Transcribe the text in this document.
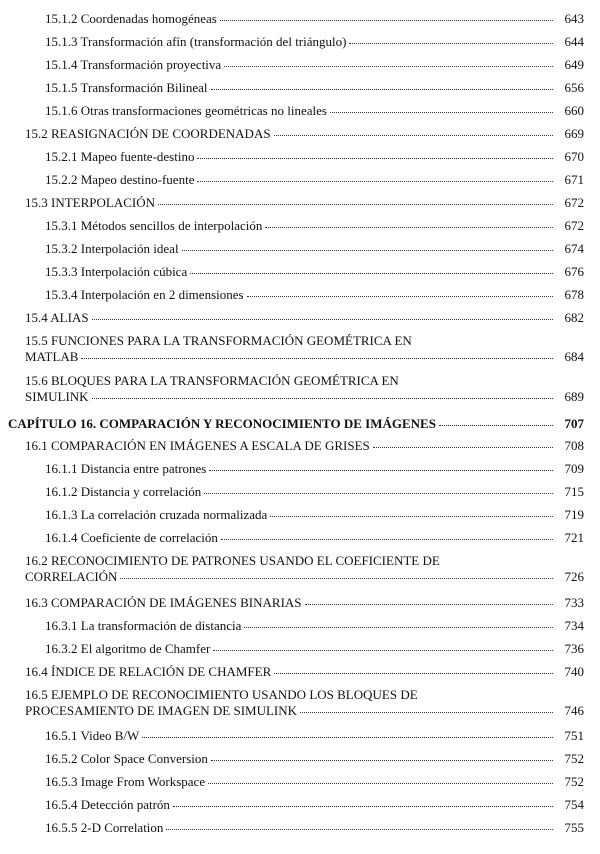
15.1.2 Coordenadas homogéneas	643
15.1.3 Transformación afín (transformación del triángulo)	644
15.1.4 Transformación proyectiva	649
15.1.5 Transformación Bilineal	656
15.1.6 Otras transformaciones geométricas no lineales	660
15.2 REASIGNACIÓN DE COORDENADAS	669
15.2.1 Mapeo fuente-destino	670
15.2.2 Mapeo destino-fuente	671
15.3 INTERPOLACIÓN	672
15.3.1 Métodos sencillos de interpolación	672
15.3.2 Interpolación ideal	674
15.3.3 Interpolación cúbica	676
15.3.4 Interpolación en 2 dimensiones	678
15.4 ALIAS	682
15.5 FUNCIONES PARA LA TRANSFORMACIÓN GEOMÉTRICA EN
MATLAB	684
15.6 BLOQUES PARA LA TRANSFORMACIÓN GEOMÉTRICA EN
SIMULINK	689
CAPÍTULO 16. COMPARACIÓN Y RECONOCIMIENTO DE IMÁGENES	707
16.1 COMPARACIÓN EN IMÁGENES A ESCALA DE GRISES	708
16.1.1 Distancia entre patrones	709
16.1.2 Distancia y correlación	715
16.1.3 La correlación cruzada normalizada	719
16.1.4 Coeficiente de correlación	721
16.2 RECONOCIMIENTO DE PATRONES USANDO EL COEFICIENTE DE
CORRELACIÓN	726
16.3 COMPARACIÓN DE IMÁGENES BINARIAS	733
16.3.1 La transformación de distancia	734
16.3.2 El algoritmo de Chamfer	736
16.4 ÍNDICE DE RELACIÓN DE CHAMFER	740
16.5 EJEMPLO DE RECONOCIMIENTO USANDO LOS BLOQUES DE
PROCESAMIENTO DE IMAGEN DE SIMULINK	746
16.5.1 Video B/W	751
16.5.2 Color Space Conversion	752
16.5.3 Image From Workspace	752
16.5.4 Detección patrón	754
16.5.5 2-D Correlation	755
